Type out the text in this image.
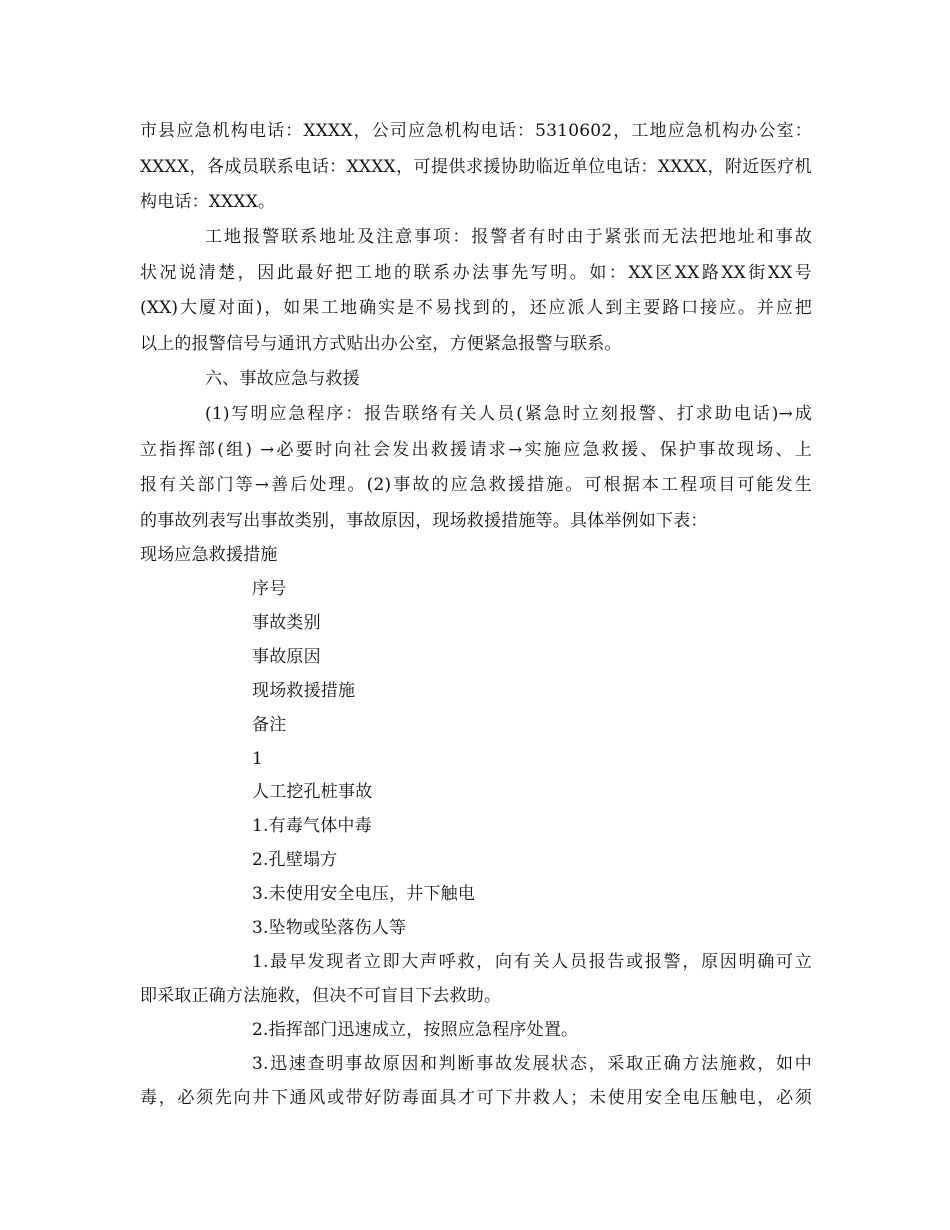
市县应急机构电话：XXXX，公司应急机构电话：5310602，工地应急机构办公室：
XXXX，各成员联系电话：XXXX，可提供求援协助临近单位电话：XXXX，附近医疗机
构电话：XXXX。
工地报警联系地址及注意事项：报警者有时由于紧张而无法把地址和事故
状况说清楚，因此最好把工地的联系办法事先写明。如：XX区XX路XX街XX号
(XX)大厦对面)，如果工地确实是不易找到的，还应派人到主要路口接应。并应把
以上的报警信号与通讯方式贴出办公室，方便紧急报警与联系。
六、事故应急与救援
(1)写明应急程序：报告联络有关人员(紧急时立刻报警、打求助电话)→成
立指挥部(组) →必要时向社会发出救援请求→实施应急救援、保护事故现场、上
报有关部门等→善后处理。(2)事故的应急救援措施。可根据本工程项目可能发生
的事故列表写出事故类别，事故原因，现场救援措施等。具体举例如下表：
现场应急救援措施
序号
事故类别
事故原因
现场救援措施
备注
1
人工挖孔桩事故
1.有毒气体中毒
2.孔壁塌方
3.未使用安全电压，井下触电
3.坠物或坠落伤人等
1.最早发现者立即大声呼救，向有关人员报告或报警，原因明确可立
即采取正确方法施救，但决不可盲目下去救助。
2.指挥部门迅速成立，按照应急程序处置。
3.迅速查明事故原因和判断事故发展状态，采取正确方法施救，如中
毒，必须先向井下通风或带好防毒面具才可下井救人；未使用安全电压触电，必须
